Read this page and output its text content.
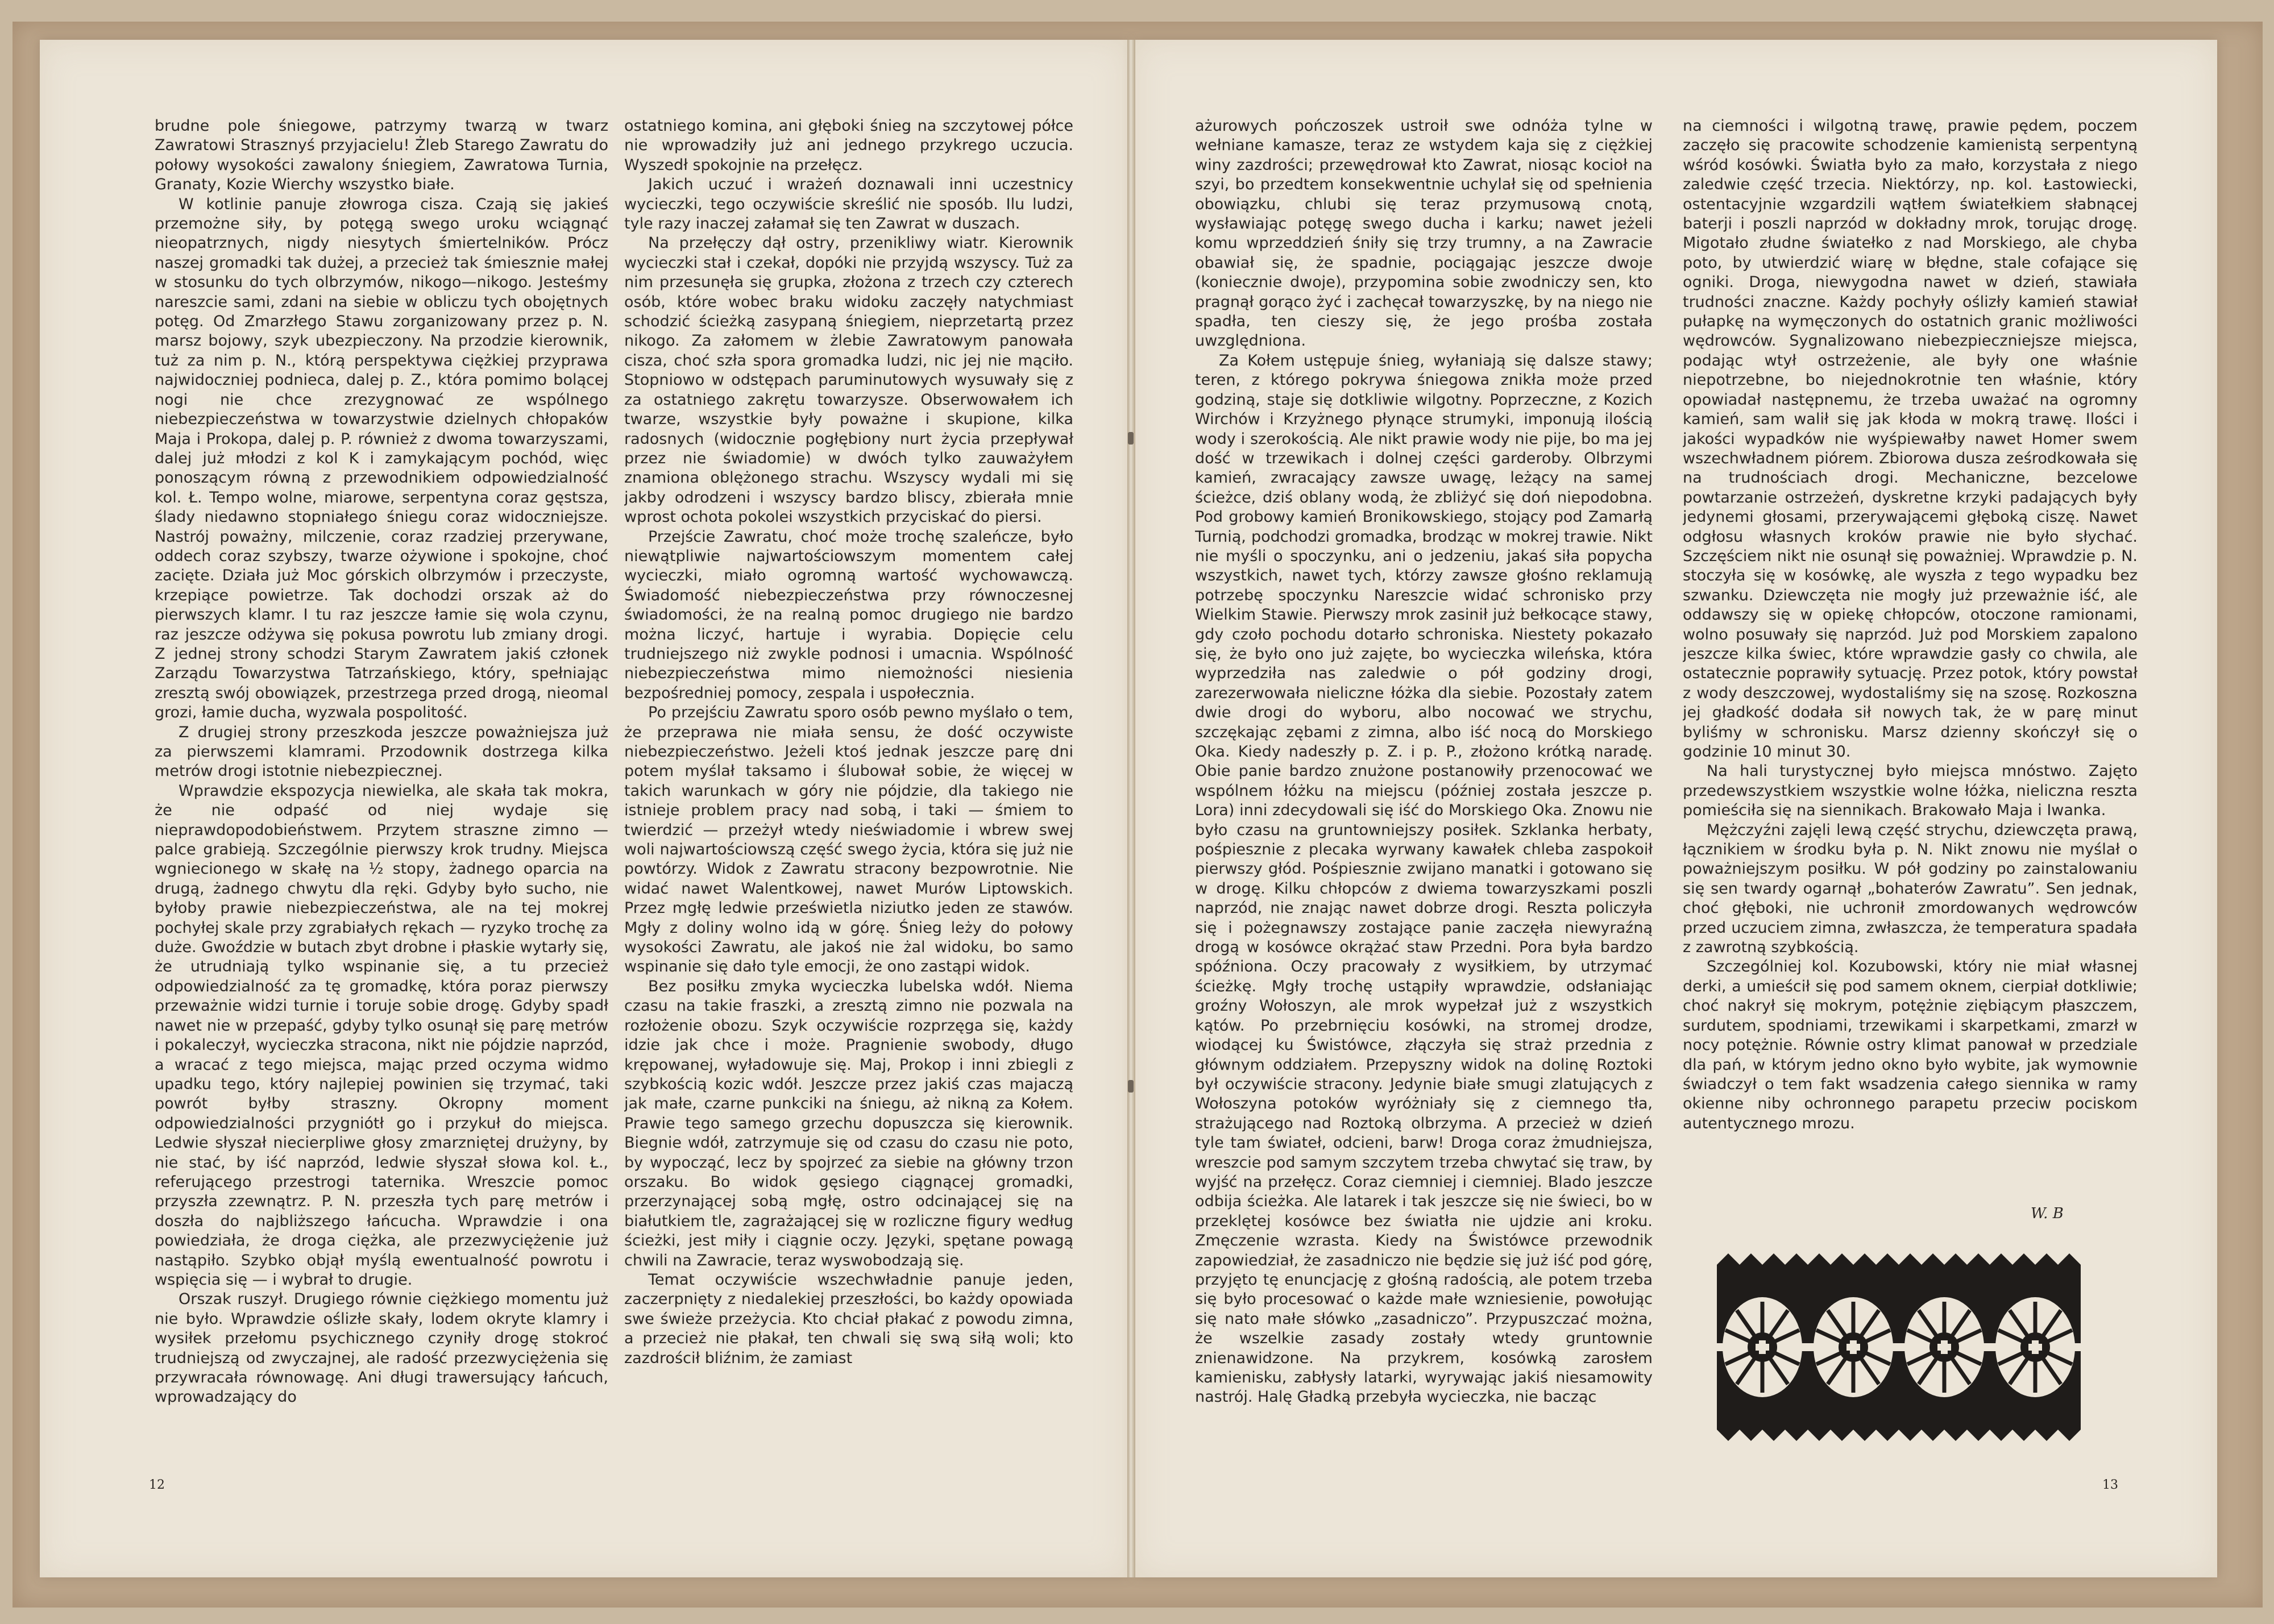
brudne pole śniegowe, patrzymy twarzą w twarz Zawratowi Strasznyś przyjacielu! Żleb Starego Zawratu do połowy wysokości zawalony śniegiem, Zawratowa Turnia, Granaty, Kozie Wierchy wszystko białe.

W kotlinie panuje złowroga cisza. Czają się jakieś przemożne siły, by potęgą swego uroku wciągnąć nieopatrznych, nigdy niesytych śmiertelników. Prócz naszej gromadki tak dużej, a przecież tak śmiesznie małej w stosunku do tych olbrzymów, nikogo—nikogo. Jesteśmy nareszcie sami, zdani na siebie w obliczu tych obojętnych potęg. Od Zmarzłego Stawu zorganizowany przez p. N. marsz bojowy, szyk ubezpieczony. Na przodzie kierownik, tuż za nim p. N., którą perspektywa ciężkiej przyprawa najwidoczniej podnieca, dalej p. Z., która pomimo bolącej nogi nie chce zrezygnować ze wspólnego niebezpieczeństwa w towarzystwie dzielnych chłopaków Maja i Prokopa, dalej p. P. również z dwoma towarzyszami, dalej już młodzi z kol K i zamykającym pochód, więc ponoszącym równą z przewodnikiem odpowiedzialność kol. Ł. Tempo wolne, miarowe, serpentyna coraz gęstsza, ślady niedawno stopniałego śniegu coraz widoczniejsze. Nastrój poważny, milczenie, coraz rzadziej przerywane, oddech coraz szybszy, twarze ożywione i spokojne, choć zacięte. Działa już Moc górskich olbrzymów i przeczyste, krzepiące powietrze. Tak dochodzi orszak aż do pierwszych klamr. I tu raz jeszcze łamie się wola czynu, raz jeszcze odżywa się pokusa powrotu lub zmiany drogi. Z jednej strony schodzi Starym Zawratem jakiś członek Zarządu Towarzystwa Tatrzańskiego, który, spełniając zresztą swój obowiązek, przestrzega przed drogą, nieomal grozi, łamie ducha, wyzwala pospolitość.

Z drugiej strony przeszkoda jeszcze poważniejsza już za pierwszemi klamrami. Przodownik dostrzega kilka metrów drogi istotnie niebezpiecznej.

Wprawdzie ekspozycja niewielka, ale skała tak mokra, że nie odpaść od niej wydaje się nieprawdopodobieństwem. Przytem straszne zimno — palce grabieją. Szczególnie pierwszy krok trudny. Miejsca wgniecionego w skałę na ½ stopy, żadnego oparcia na drugą, żadnego chwytu dla ręki. Gdyby było sucho, nie byłoby prawie niebezpieczeństwa, ale na tej mokrej pochyłej skale przy zgrabiałych rękach — ryzyko trochę za duże. Gwoździe w butach zbyt drobne i płaskie wytarły się, że utrudniają tylko wspinanie się, a tu przecież odpowiedzialność za tę gromadkę, która poraz pierwszy przeważnie widzi turnie i toruje sobie drogę. Gdyby spadł nawet nie w przepaść, gdyby tylko osunął się parę metrów i pokaleczył, wycieczka stracona, nikt nie pójdzie naprzód, a wracać z tego miejsca, mając przed oczyma widmo upadku tego, który najlepiej powinien się trzymać, taki powrót byłby straszny. Okropny moment odpowiedzialności przygniótł go i przykuł do miejsca. Ledwie słyszał niecierpliwe głosy zmarzniętej drużyny, by nie stać, by iść naprzód, ledwie słyszał słowa kol. Ł., referującego przestrogi taternika. Wreszcie pomoc przyszła zzewnątrz. P. N. przeszła tych parę metrów i doszła do najbliższego łańcucha. Wprawdzie i ona powiedziała, że droga ciężka, ale przezwyciężenie już nastąpiło. Szybko objął myślą ewentualność powrotu i wspięcia się — i wybrał to drugie.

Orszak ruszył. Drugiego równie ciężkiego momentu już nie było. Wprawdzie oślizłe skały, lodem okryte klamry i wysiłek przełomu psychicznego czyniły drogę stokroć trudniejszą od zwyczajnej, ale radość przezwyciężenia się przywracała równowagę. Ani długi trawersujący łańcuch, wprowadzający do

ostatniego komina, ani głęboki śnieg na szczytowej półce nie wprowadziły już ani jednego przykrego uczucia. Wyszedł spokojnie na przełęcz.

Jakich uczuć i wrażeń doznawali inni uczestnicy wycieczki, tego oczywiście skreślić nie sposób. Ilu ludzi, tyle razy inaczej załamał się ten Zawrat w duszach.

Na przełęczy dął ostry, przenikliwy wiatr. Kierownik wycieczki stał i czekał, dopóki nie przyjdą wszyscy. Tuż za nim przesunęła się grupka, złożona z trzech czy czterech osób, które wobec braku widoku zaczęły natychmiast schodzić ścieżką zasypaną śniegiem, nieprzetartą przez nikogo. Za załomem w żlebie Zawratowym panowała cisza, choć szła spora gromadka ludzi, nic jej nie mąciło. Stopniowo w odstępach paruminutowych wysuwały się z za ostatniego zakrętu towarzysze. Obserwowałem ich twarze, wszystkie były poważne i skupione, kilka radosnych (widocznie pogłębiony nurt życia przepływał przez nie świadomie) w dwóch tylko zauważyłem znamiona oblężonego strachu. Wszyscy wydali mi się jakby odrodzeni i wszyscy bardzo bliscy, zbierała mnie wprost ochota pokolei wszystkich przyciskać do piersi.

Przejście Zawratu, choć może trochę szaleńcze, było niewątpliwie najwartościowszym momentem całej wycieczki, miało ogromną wartość wychowawczą. Świadomość niebezpieczeństwa przy równoczesnej świadomości, że na realną pomoc drugiego nie bardzo można liczyć, hartuje i wyrabia. Dopięcie celu trudniejszego niż zwykle podnosi i umacnia. Wspólność niebezpieczeństwa mimo niemożności niesienia bezpośredniej pomocy, zespala i uspołecznia.

Po przejściu Zawratu sporo osób pewno myślało o tem, że przeprawa nie miała sensu, że dość oczywiste niebezpieczeństwo. Jeżeli ktoś jednak jeszcze parę dni potem myślał taksamo i ślubował sobie, że więcej w takich warunkach w góry nie pójdzie, dla takiego nie istnieje problem pracy nad sobą, i taki — śmiem to twierdzić — przeżył wtedy nieświadomie i wbrew swej woli najwartościowszą część swego życia, która się już nie powtórzy. Widok z Zawratu stracony bezpowrotnie. Nie widać nawet Walentkowej, nawet Murów Liptowskich. Przez mgłę ledwie prześwietla niziutko jeden ze stawów. Mgły z doliny wolno idą w górę. Śnieg leży do połowy wysokości Zawratu, ale jakoś nie żal widoku, bo samo wspinanie się dało tyle emocji, że ono zastąpi widok.

Bez posiłku zmyka wycieczka lubelska wdół. Niema czasu na takie fraszki, a zresztą zimno nie pozwala na rozłożenie obozu. Szyk oczywiście rozprzęga się, każdy idzie jak chce i może. Pragnienie swobody, długo krępowanej, wyładowuje się. Maj, Prokop i inni zbiegli z szybkością kozic wdół. Jeszcze przez jakiś czas majaczą jak małe, czarne punkciki na śniegu, aż nikną za Kołem. Prawie tego samego grzechu dopuszcza się kierownik. Biegnie wdół, zatrzymuje się od czasu do czasu nie poto, by wypocząć, lecz by spojrzeć za siebie na główny trzon orszaku. Bo widok gęsiego ciągnącej gromadki, przerzynającej sobą mgłę, ostro odcinającej się na białutkiem tle, zagrażającej się w rozliczne figury według ścieżki, jest miły i ciągnie oczy. Języki, spętane powagą chwili na Zawracie, teraz wyswobodzają się.

Temat oczywiście wszechwładnie panuje jeden, zaczerpnięty z niedalekiej przeszłości, bo każdy opowiada swe świeże przeżycia. Kto chciał płakać z powodu zimna, a przecież nie płakał, ten chwali się swą siłą woli; kto zazdrościł bliźnim, że zamiast

ażurowych pończoszek ustroił swe odnóża tylne w wełniane kamasze, teraz ze wstydem kaja się z ciężkiej winy zazdrości; przewędrował kto Zawrat, niosąc kocioł na szyi, bo przedtem konsekwentnie uchylał się od spełnienia obowiązku, chlubi się teraz przymusową cnotą, wysławiając potęgę swego ducha i karku; nawet jeżeli komu wprzeddzień śniły się trzy trumny, a na Zawracie obawiał się, że spadnie, pociągając jeszcze dwoje (koniecznie dwoje), przypomina sobie zwodniczy sen, kto pragnął gorąco żyć i zachęcał towarzyszkę, by na niego nie spadła, ten cieszy się, że jego prośba została uwzględniona.

Za Kołem ustępuje śnieg, wyłaniają się dalsze stawy; teren, z którego pokrywa śniegowa znikła może przed godziną, staje się dotkliwie wilgotny. Poprzeczne, z Kozich Wirchów i Krzyżnego płynące strumyki, imponują ilością wody i szerokością. Ale nikt prawie wody nie pije, bo ma jej dość w trzewikach i dolnej części garderoby. Olbrzymi kamień, zwracający zawsze uwagę, leżący na samej ścieżce, dziś oblany wodą, że zbliżyć się doń niepodobna. Pod grobowy kamień Bronikowskiego, stojący pod Zamarłą Turnią, podchodzi gromadka, brodząc w mokrej trawie. Nikt nie myśli o spoczynku, ani o jedzeniu, jakaś siła popycha wszystkich, nawet tych, którzy zawsze głośno reklamują potrzebę spoczynku Nareszcie widać schronisko przy Wielkim Stawie. Pierwszy mrok zasinił już bełkocące stawy, gdy czoło pochodu dotarło schroniska. Niestety pokazało się, że było ono już zajęte, bo wycieczka wileńska, która wyprzedziła nas zaledwie o pół godziny drogi, zarezerwowała nieliczne łóżka dla siebie. Pozostały zatem dwie drogi do wyboru, albo nocować we strychu, szczękając zębami z zimna, albo iść nocą do Morskiego Oka. Kiedy nadeszły p. Z. i p. P., złożono krótką naradę. Obie panie bardzo znużone postanowiły przenocować we wspólnem łóżku na miejscu (później została jeszcze p. Lora) inni zdecydowali się iść do Morskiego Oka. Znowu nie było czasu na gruntowniejszy posiłek. Szklanka herbaty, pośpiesznie z plecaka wyrwany kawałek chleba zaspokoił pierwszy głód. Pośpiesznie zwijano manatki i gotowano się w drogę. Kilku chłopców z dwiema towarzyszkami poszli naprzód, nie znając nawet dobrze drogi. Reszta policzyła się i pożegnawszy zostające panie zaczęła niewyraźną drogą w kosówce okrążać staw Przedni. Pora była bardzo spóźniona. Oczy pracowały z wysiłkiem, by utrzymać ścieżkę. Mgły trochę ustąpiły wprawdzie, odsłaniając groźny Wołoszyn, ale mrok wypełzał już z wszystkich kątów. Po przebrnięciu kosówki, na stromej drodze, wiodącej ku Świstówce, złączyła się straż przednia z głównym oddziałem. Przepyszny widok na dolinę Roztoki był oczywiście stracony. Jedynie białe smugi zlatujących z Wołoszyna potoków wyróżniały się z ciemnego tła, strażującego nad Roztoką olbrzyma. A przecież w dzień tyle tam świateł, odcieni, barw! Droga coraz żmudniejsza, wreszcie pod samym szczytem trzeba chwytać się traw, by wyjść na przełęcz. Coraz ciemniej i ciemniej. Blado jeszcze odbija ścieżka. Ale latarek i tak jeszcze się nie świeci, bo w przeklętej kosówce bez światła nie ujdzie ani kroku. Zmęczenie wzrasta. Kiedy na Świstówce przewodnik zapowiedział, że zasadniczo nie będzie się już iść pod górę, przyjęto tę enuncjację z głośną radością, ale potem trzeba się było procesować o każde małe wzniesienie, powołując się nato małe słówko „zasadniczo”. Przypuszczać można, że wszelkie zasady zostały wtedy gruntownie znienawidzone. Na przykrem, kosówką zarosłem kamienisku, zabłysły latarki, wyrywając jakiś niesamowity nastrój. Halę Gładką przebyła wycieczka, nie bacząc

na ciemności i wilgotną trawę, prawie pędem, poczem zaczęło się pracowite schodzenie kamienistą serpentyną wśród kosówki. Światła było za mało, korzystała z niego zaledwie część trzecia. Niektórzy, np. kol. Łastowiecki, ostentacyjnie wzgardzili wątłem światełkiem słabnącej baterji i poszli naprzód w dokładny mrok, torując drogę. Migotało złudne światełko z nad Morskiego, ale chyba poto, by utwierdzić wiarę w błędne, stale cofające się ogniki. Droga, niewygodna nawet w dzień, stawiała trudności znaczne. Każdy pochyły oślizły kamień stawiał pułapkę na wymęczonych do ostatnich granic możliwości wędrowców. Sygnalizowano niebezpieczniejsze miejsca, podając wtył ostrzeżenie, ale były one właśnie niepotrzebne, bo niejednokrotnie ten właśnie, który opowiadał następnemu, że trzeba uważać na ogromny kamień, sam walił się jak kłoda w mokrą trawę. Ilości i jakości wypadków nie wyśpiewałby nawet Homer swem wszechwładnem piórem. Zbiorowa dusza ześrodkowała się na trudnościach drogi. Mechaniczne, bezcelowe powtarzanie ostrzeżeń, dyskretne krzyki padających były jedynemi głosami, przerywającemi głęboką ciszę. Nawet odgłosu własnych kroków prawie nie było słychać. Szczęściem nikt nie osunął się poważniej. Wprawdzie p. N. stoczyła się w kosówkę, ale wyszła z tego wypadku bez szwanku. Dziewczęta nie mogły już przeważnie iść, ale oddawszy się w opiekę chłopców, otoczone ramionami, wolno posuwały się naprzód. Już pod Morskiem zapalono jeszcze kilka świec, które wprawdzie gasły co chwila, ale ostatecznie poprawiły sytuację. Przez potok, który powstał z wody deszczowej, wydostaliśmy się na szosę. Rozkoszna jej gładkość dodała sił nowych tak, że w parę minut byliśmy w schronisku. Marsz dzienny skończył się o godzinie 10 minut 30.

Na hali turystycznej było miejsca mnóstwo. Zajęto przedewszystkiem wszystkie wolne łóżka, nieliczna reszta pomieściła się na siennikach. Brakowało Maja i Iwanka.

Mężczyźni zajęli lewą część strychu, dziewczęta prawą, łącznikiem w środku była p. N. Nikt znowu nie myślał o poważniejszym posiłku. W pół godziny po zainstalowaniu się sen twardy ogarnął „bohaterów Zawratu”. Sen jednak, choć głęboki, nie uchronił zmordowanych wędrowców przed uczuciem zimna, zwłaszcza, że temperatura spadała z zawrotną szybkością.

Szczególniej kol. Kozubowski, który nie miał własnej derki, a umieścił się pod samem oknem, cierpiał dotkliwie; choć nakrył się mokrym, potężnie ziębiącym płaszczem, surdutem, spodniami, trzewikami i skarpetkami, zmarzł w nocy potężnie. Równie ostry klimat panował w przedziale dla pań, w którym jedno okno było wybite, jak wymownie świadczył o tem fakt wsadzenia całego siennika w ramy okienne niby ochronnego parapetu przeciw pociskom autentycznego mrozu.

W. B
12	13
